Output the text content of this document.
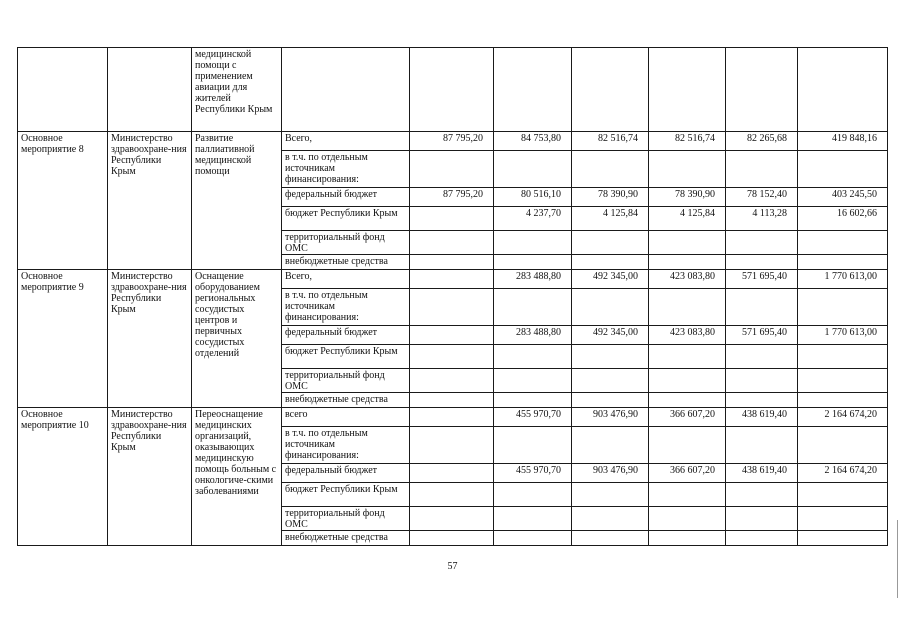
		медицинской помощи с применением авиации для жителей Республики Крым							
Основное мероприятие 8	Министерство здравоохране-ния Республики Крым	Развитие паллиативной медицинской помощи	Всего,	87 795,20	84 753,80	82 516,74	82 516,74	82 265,68	419 848,16
			в т.ч. по отдельным источникам финансирования:						
			федеральный бюджет	87 795,20	80 516,10	78 390,90	78 390,90	78 152,40	403 245,50
			бюджет Республики Крым		4 237,70	4 125,84	4 125,84	4 113,28	16 602,66
			территориальный фонд ОМС						
			внебюджетные средства						
Основное мероприятие 9	Министерство здравоохране-ния Республики Крым	Оснащение оборудованием региональных сосудистых центров и первичных сосудистых отделений	Всего,		283 488,80	492 345,00	423 083,80	571 695,40	1 770 613,00
			в т.ч. по отдельным источникам финансирования:						
			федеральный бюджет		283 488,80	492 345,00	423 083,80	571 695,40	1 770 613,00
			бюджет Республики Крым						
			территориальный фонд ОМС						
			внебюджетные средства						
Основное мероприятие 10	Министерство здравоохране-ния Республики Крым	Переоснащение медицинских организаций, оказывающих медицинскую помощь больным с онкологиче-скими заболеваниями	всего		455 970,70	903 476,90	366 607,20	438 619,40	2 164 674,20
			в т.ч. по отдельным источникам финансирования:						
			федеральный бюджет		455 970,70	903 476,90	366 607,20	438 619,40	2 164 674,20
			бюджет Республики Крым						
			территориальный фонд ОМС						
			внебюджетные средства						
57
